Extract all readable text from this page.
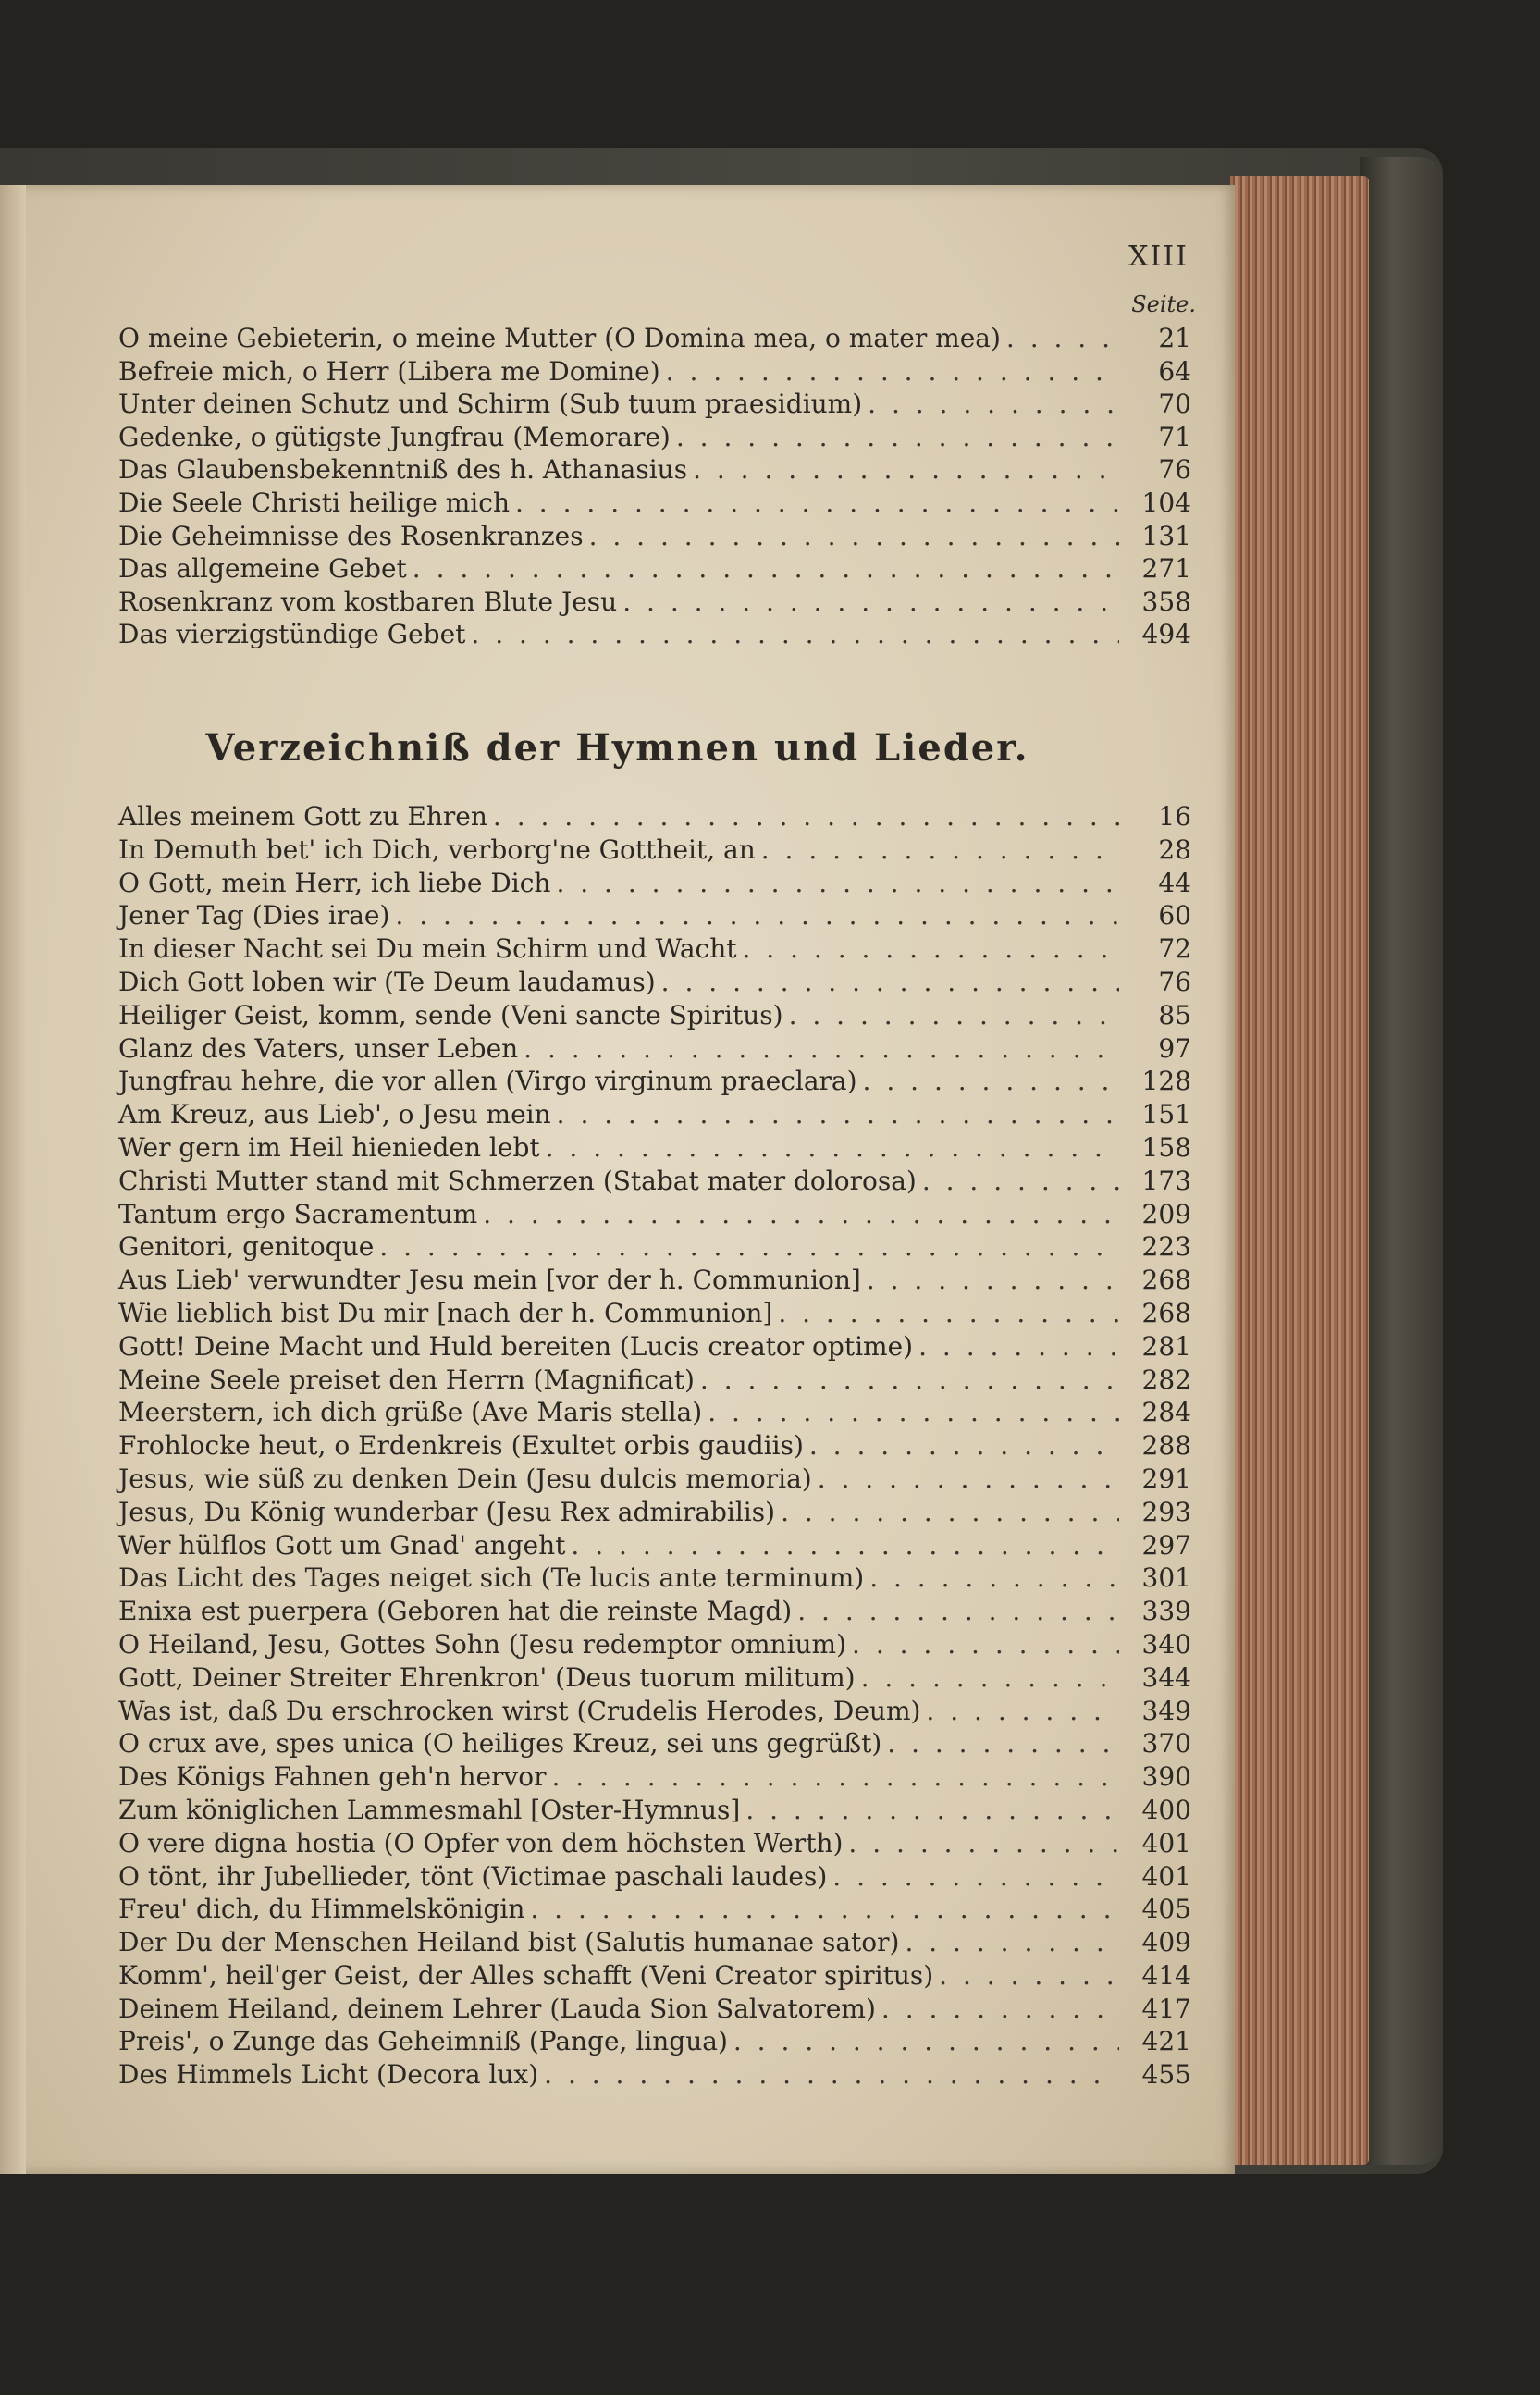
XIII
Seite.
O meine Gebieterin, o meine Mutter (O Domina mea, o mater mea) . . .	21
Befreie mich, o Herr (Libera me Domine) . . .	64
Unter deinen Schutz und Schirm (Sub tuum praesidium) . . .	70
Gedenke, o gütigste Jungfrau (Memorare) . . .	71
Das Glaubensbekenntniß des h. Athanasius . . .	76
Die Seele Christi heilige mich . . .	104
Die Geheimnisse des Rosenkranzes . . .	131
Das allgemeine Gebet . . .	271
Rosenkranz vom kostbaren Blute Jesu . . .	358
Das vierzigstündige Gebet . . .	494
Verzeichniß der Hymnen und Lieder.
Alles meinem Gott zu Ehren . . .	16
In Demuth bet' ich Dich, verborg'ne Gottheit, an . . .	28
O Gott, mein Herr, ich liebe Dich . . .	44
Jener Tag (Dies irae) . . .	60
In dieser Nacht sei Du mein Schirm und Wacht . . .	72
Dich Gott loben wir (Te Deum laudamus) . . .	76
Heiliger Geist, komm, sende (Veni sancte Spiritus) . . .	85
Glanz des Vaters, unser Leben . . .	97
Jungfrau hehre, die vor allen (Virgo virginum praeclara) . . .	128
Am Kreuz, aus Lieb', o Jesu mein . . .	151
Wer gern im Heil hienieden lebt . . .	158
Christi Mutter stand mit Schmerzen (Stabat mater dolorosa) . . .	173
Tantum ergo Sacramentum . . .	209
Genitori, genitoque . . .	223
Aus Lieb' verwundter Jesu mein [vor der h. Communion] . . .	268
Wie lieblich bist Du mir [nach der h. Communion] . . .	268
Gott! Deine Macht und Huld bereiten (Lucis creator optime) . . .	281
Meine Seele preiset den Herrn (Magnificat) . . .	282
Meerstern, ich dich grüße (Ave Maris stella) . . .	284
Frohlocke heut, o Erdenkreis (Exultet orbis gaudiis) . . .	288
Jesus, wie süß zu denken Dein (Jesu dulcis memoria) . . .	291
Jesus, Du König wunderbar (Jesu Rex admirabilis) . . .	293
Wer hülflos Gott um Gnad' angeht . . .	297
Das Licht des Tages neiget sich (Te lucis ante terminum) . . .	301
Enixa est puerpera (Geboren hat die reinste Magd) . . .	339
O Heiland, Jesu, Gottes Sohn (Jesu redemptor omnium) . . .	340
Gott, Deiner Streiter Ehrenkron' (Deus tuorum militum) . . .	344
Was ist, daß Du erschrocken wirst (Crudelis Herodes, Deum) . . .	349
O crux ave, spes unica (O heiliges Kreuz, sei uns gegrüßt) . . .	370
Des Königs Fahnen geh'n hervor . . .	390
Zum königlichen Lammesmahl [Oster-Hymnus] . . .	400
O vere digna hostia (O Opfer von dem höchsten Werth) . . .	401
O tönt, ihr Jubellieder, tönt (Victimae paschali laudes) . . .	401
Freu' dich, du Himmelskönigin . . .	405
Der Du der Menschen Heiland bist (Salutis humanae sator) . . .	409
Komm', heil'ger Geist, der Alles schafft (Veni Creator spiritus) . . .	414
Deinem Heiland, deinem Lehrer (Lauda Sion Salvatorem) . . .	417
Preis', o Zunge das Geheimniß (Pange, lingua) . . .	421
Des Himmels Licht (Decora lux) . . .	455
